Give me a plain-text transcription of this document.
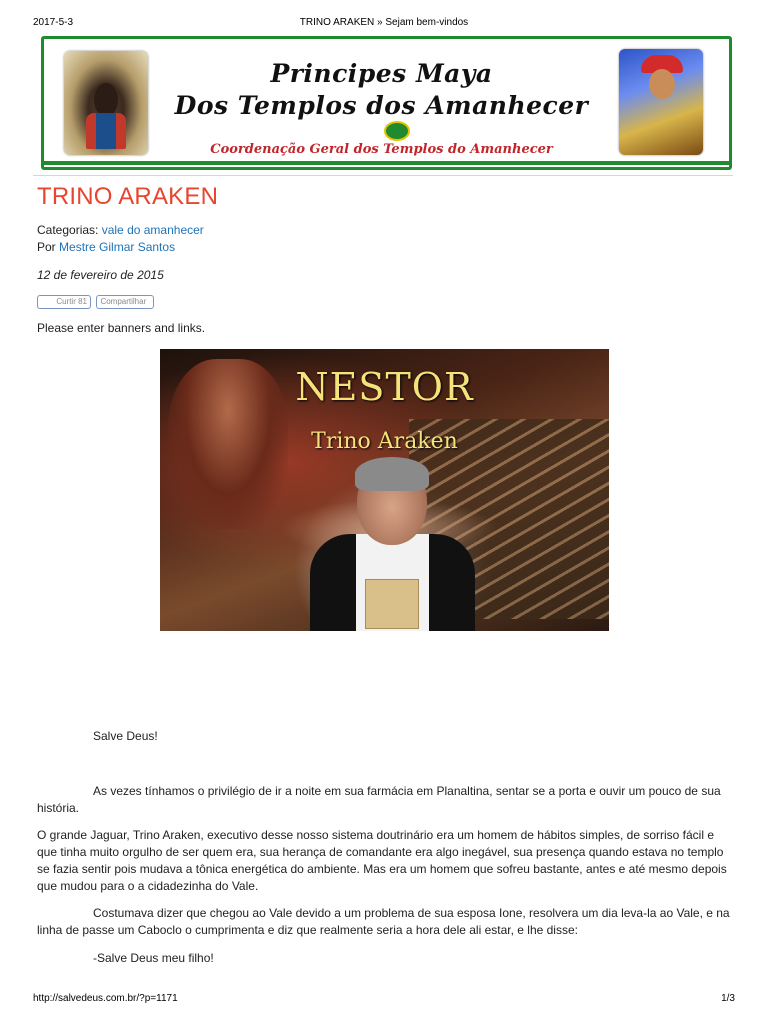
2017-5-3	TRINO ARAKEN » Sejam bem-vindos
Principes Maya
Dos Templos dos Amanhecer
Coordenação Geral dos Templos do Amanhecer
TRINO ARAKEN
Categorias: vale do amanhecer
Por Mestre Gilmar Santos
12 de fevereiro de 2015
Curtir 81 Compartilhar
Please enter banners and links.
NESTOR
Trino Araken

Salve Deus!

As vezes tínhamos o privilégio de ir a noite em sua farmácia em Planaltina, sentar se a porta e ouvir um pouco de sua história.

O grande Jaguar, Trino Araken, executivo desse nosso sistema doutrinário era um homem de hábitos simples, de sorriso fácil e que tinha muito orgulho de ser quem era, sua herança de comandante era algo inegável, sua presença quando estava no templo se fazia sentir pois mudava a tônica energética do ambiente. Mas era um homem que sofreu bastante, antes e até mesmo depois que mudou para o a cidadezinha do Vale.

Costumava dizer que chegou ao Vale devido a um problema de sua esposa Ione, resolvera um dia leva-la ao Vale, e na linha de passe um Caboclo o cumprimenta e diz que realmente seria a hora dele ali estar, e lhe disse:

-Salve Deus meu filho!

http://salvedeus.com.br/?p=1171	1/3
